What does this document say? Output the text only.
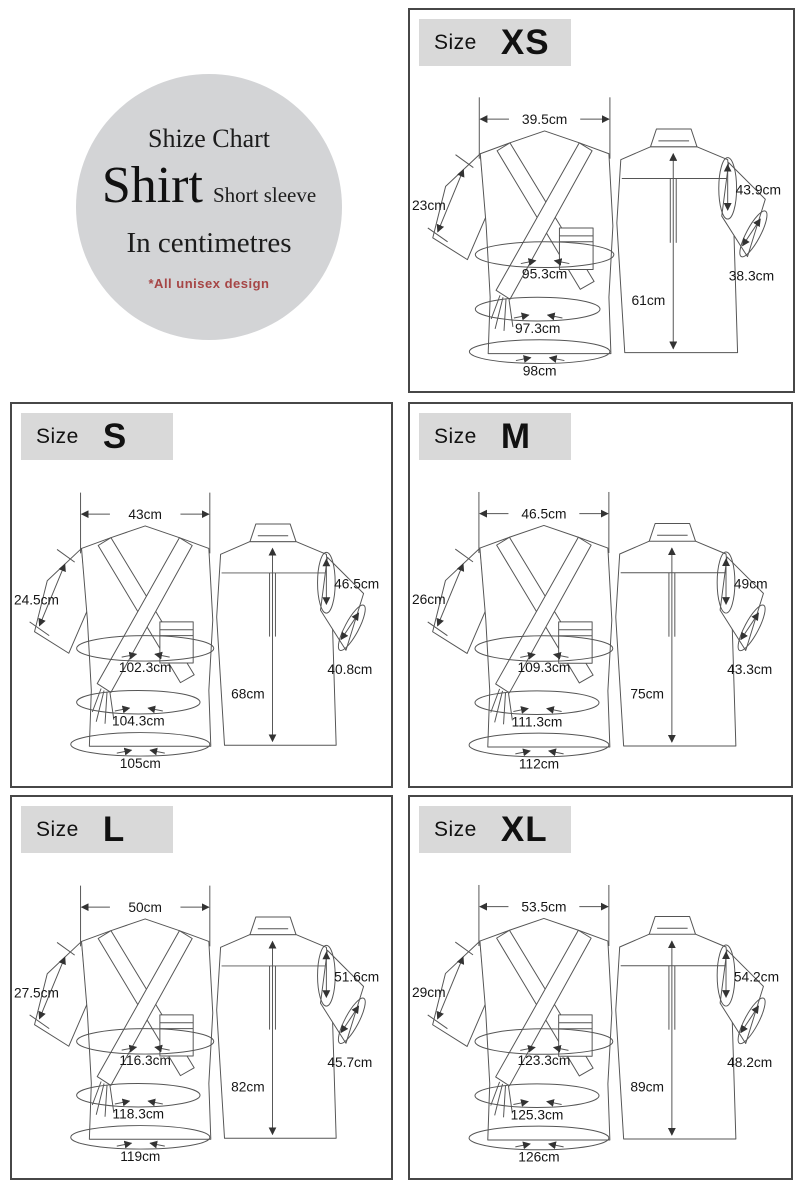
Shize Chart
Shirt Short sleeve
In centimetres
*All unisex design
Size XS
39.5cm
23cm
95.3cm
97.3cm
98cm
61cm
43.9cm
38.3cm
Size S
43cm
24.5cm
102.3cm
104.3cm
105cm
68cm
46.5cm
40.8cm
Size M
46.5cm
26cm
109.3cm
111.3cm
112cm
75cm
49cm
43.3cm
Size L
50cm
27.5cm
116.3cm
118.3cm
119cm
82cm
51.6cm
45.7cm
Size XL
53.5cm
29cm
123.3cm
125.3cm
126cm
89cm
54.2cm
48.2cm
